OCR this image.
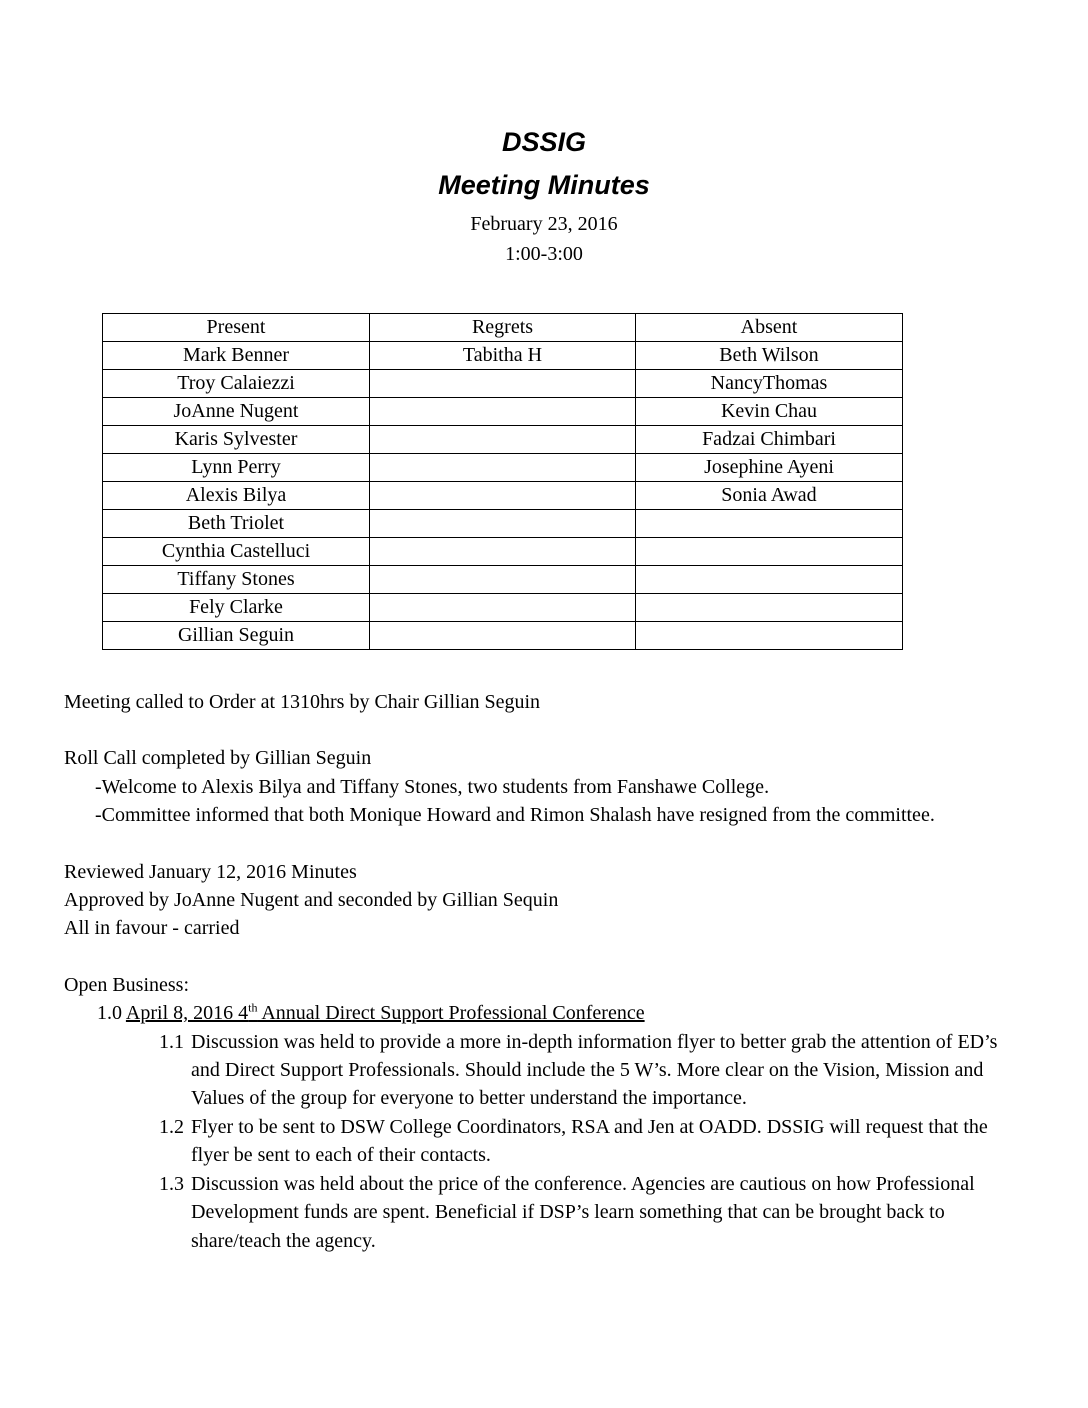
DSSIG
Meeting Minutes
February 23, 2016
1:00-3:00
Present	Regrets	Absent
Mark Benner	Tabitha H	Beth Wilson
Troy Calaiezzi		NancyThomas
JoAnne Nugent		Kevin Chau
Karis Sylvester		Fadzai Chimbari
Lynn Perry		Josephine Ayeni
Alexis Bilya		Sonia Awad
Beth Triolet		
Cynthia Castelluci		
Tiffany Stones		
Fely Clarke		
Gillian Seguin		

Meeting called to Order at 1310hrs by Chair Gillian Seguin

Roll Call completed by Gillian Seguin

-Welcome to Alexis Bilya and Tiffany Stones, two students from Fanshawe College.

-Committee informed that both Monique Howard and Rimon Shalash have resigned from the committee.

Reviewed January 12, 2016 Minutes

Approved by JoAnne Nugent and seconded by Gillian Sequin

All in favour - carried

Open Business:

1.0 April 8, 2016 4th Annual Direct Support Professional Conference

1.1 Discussion was held to provide a more in-depth information flyer to better grab the attention of ED’s and Direct Support Professionals. Should include the 5 W’s. More clear on the Vision, Mission and Values of the group for everyone to better understand the importance.
1.2 Flyer to be sent to DSW College Coordinators, RSA and Jen at OADD. DSSIG will request that the flyer be sent to each of their contacts.
1.3 Discussion was held about the price of the conference. Agencies are cautious on how Professional Development funds are spent. Beneficial if DSP’s learn something that can be brought back to share/teach the agency.
